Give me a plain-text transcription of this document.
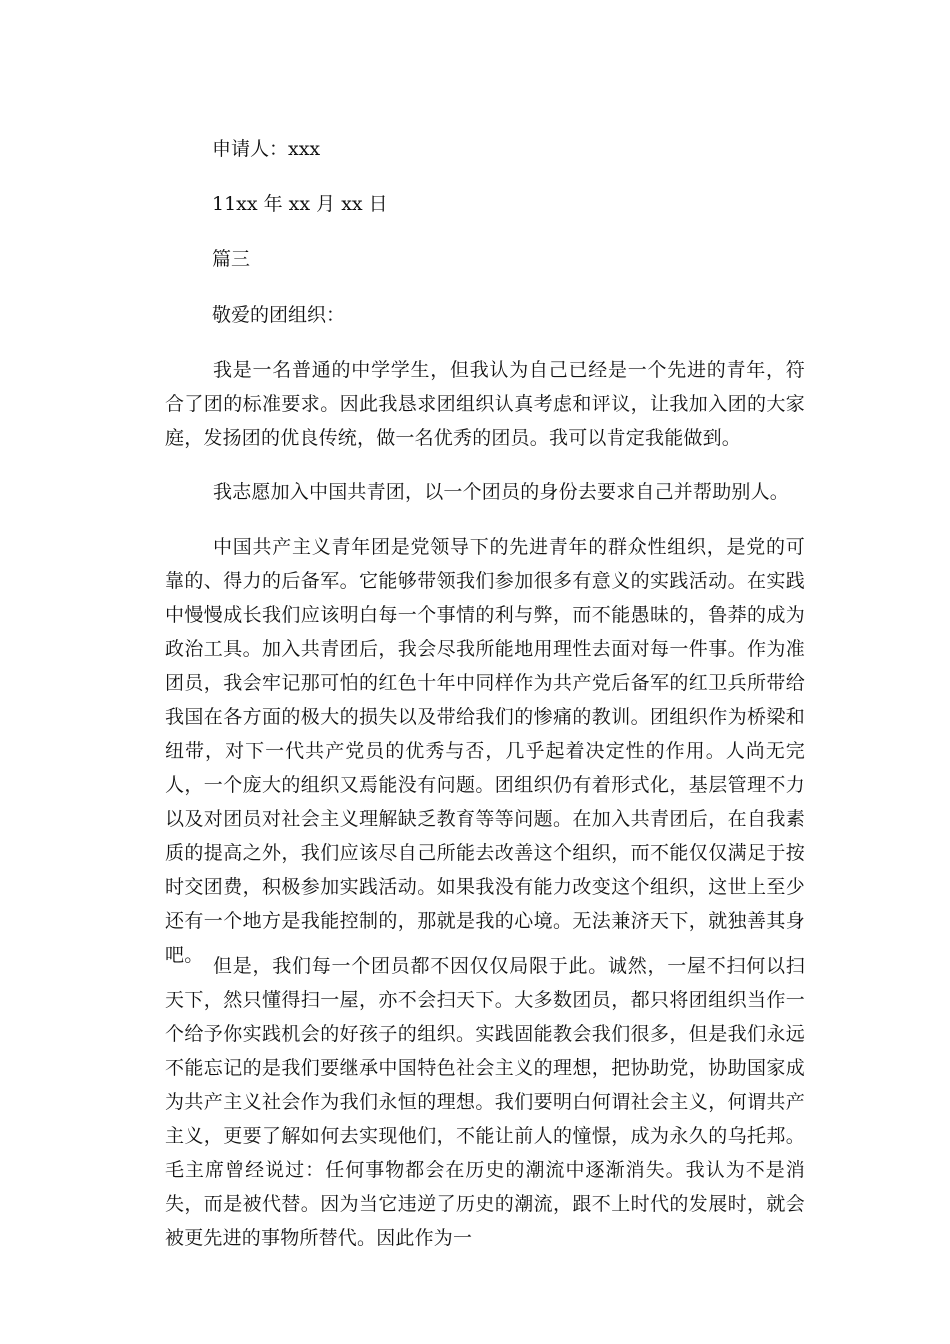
申请人：xxx
11xx 年 xx 月 xx 日
篇三
敬爱的团组织：
我是一名普通的中学学生，但我认为自己已经是一个先进的青年，符合了团的标准要求。因此我恳求团组织认真考虑和评议，让我加入团的大家庭，发扬团的优良传统，做一名优秀的团员。我可以肯定我能做到。
我志愿加入中国共青团，以一个团员的身份去要求自己并帮助别人。
中国共产主义青年团是党领导下的先进青年的群众性组织，是党的可靠的、得力的后备军。它能够带领我们参加很多有意义的实践活动。在实践中慢慢成长我们应该明白每一个事情的利与弊，而不能愚昧的，鲁莽的成为政治工具。加入共青团后，我会尽我所能地用理性去面对每一件事。作为准团员，我会牢记那可怕的红色十年中同样作为共产党后备军的红卫兵所带给我国在各方面的极大的损失以及带给我们的惨痛的教训。团组织作为桥梁和纽带，对下一代共产党员的优秀与否，几乎起着决定性的作用。人尚无完人，一个庞大的组织又焉能没有问题。团组织仍有着形式化，基层管理不力以及对团员对社会主义理解缺乏教育等等问题。在加入共青团后，在自我素质的提高之外，我们应该尽自己所能去改善这个组织，而不能仅仅满足于按时交团费，积极参加实践活动。如果我没有能力改变这个组织，这世上至少还有一个地方是我能控制的，那就是我的心境。无法兼济天下，就独善其身吧。 但是，我们每一个团员都不因仅仅局限于此。诚然，一屋不扫何以扫天下，然只懂得扫一屋，亦不会扫天下。大多数团员，都只将团组织当作一个给予你实践机会的好孩子的组织。实践固能教会我们很多，但是我们永远不能忘记的是我们要继承中国特色社会主义的理想，把协助党，协助国家成为共产主义社会作为我们永恒的理想。我们要明白何谓社会主义，何谓共产主义，更要了解如何去实现他们，不能让前人的憧憬，成为永久的乌托邦。毛主席曾经说过：任何事物都会在历史的潮流中逐渐消失。我认为不是消失，而是被代替。因为当它违逆了历史的潮流，跟不上时代的发展时，就会被更先进的事物所替代。因此作为一
